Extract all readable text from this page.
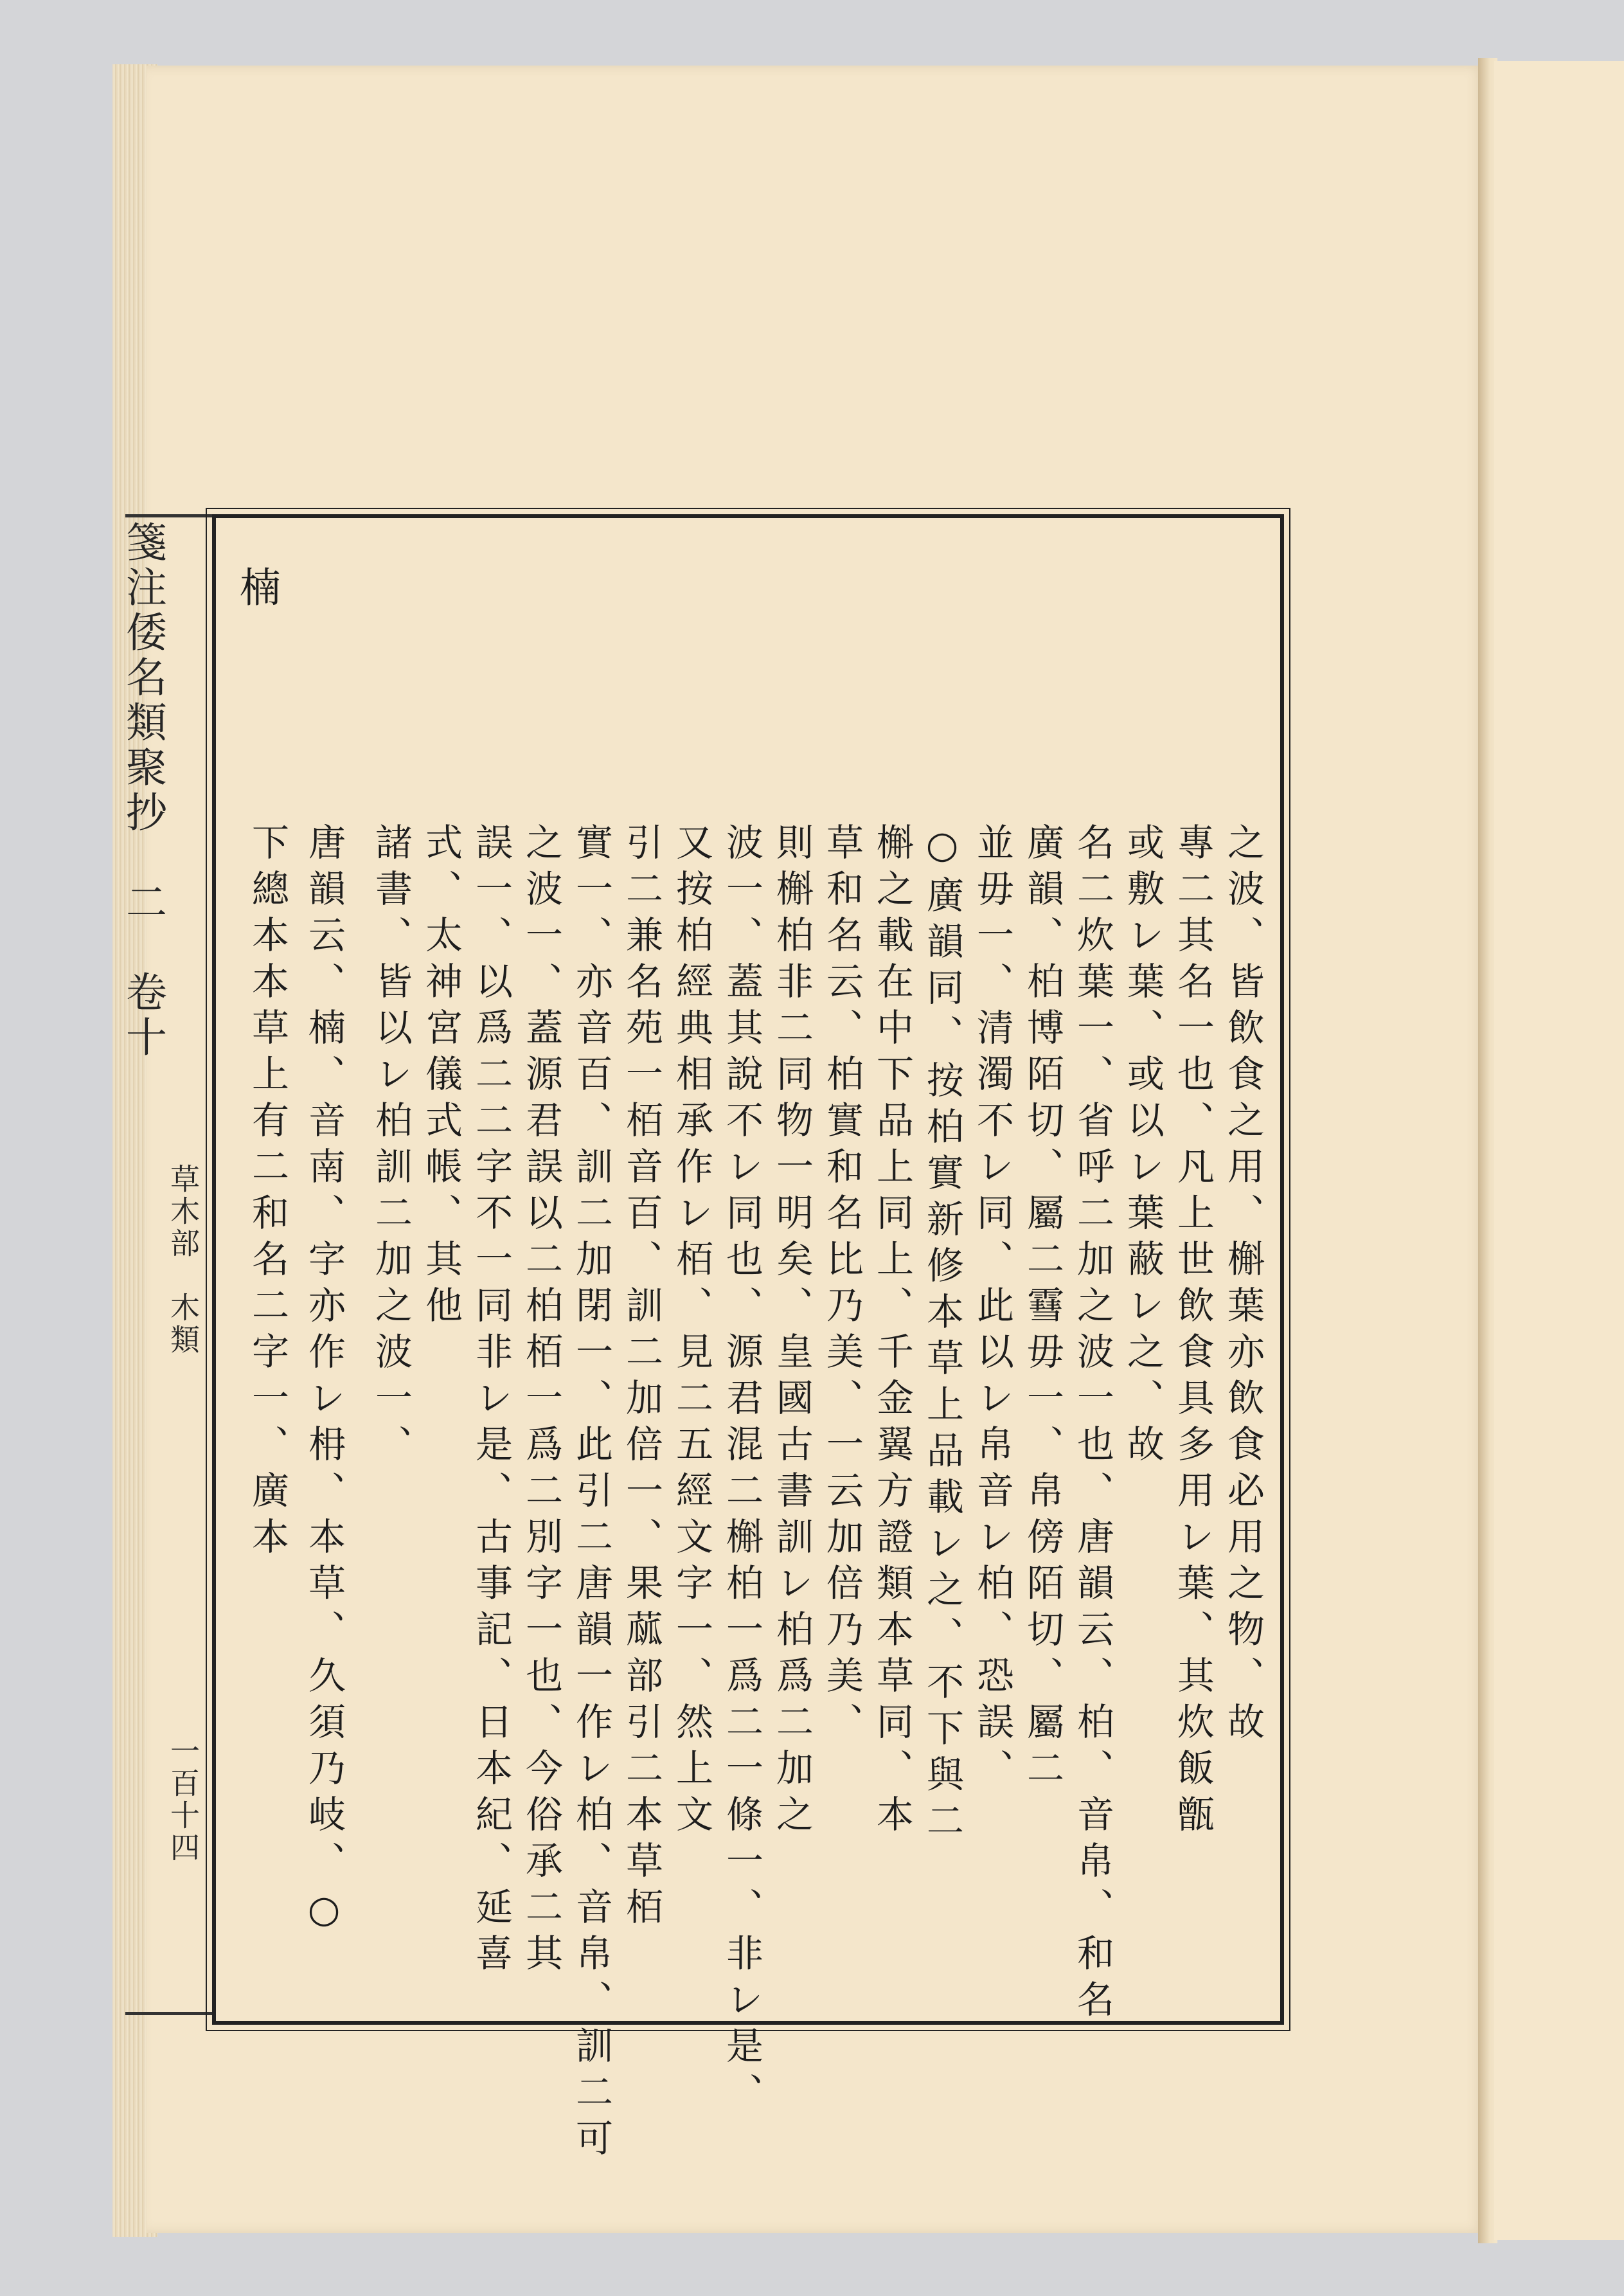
箋注倭名類聚抄　二　卷十
草木部　木類
一百十四
楠
之波、皆飲食之用、槲葉亦飲食必用之物、故
專二其名一也、凡上世飲食具多用レ葉、其炊飯甑
或敷レ葉、或以レ葉蔽レ之、故
名二炊葉一、省呼二加之波一也、唐韻云、柏、音帛、和名
廣韻、柏博陌切、屬二䨮毋一、帛傍陌切、屬二
並毋一、清濁不レ同、此以レ帛音レ柏、恐誤、
○廣韻同、按柏實新修本草上品載レ之、不下與二
槲之載在中下品上同上、千金翼方證類本草同、本
草和名云、柏實和名比乃美、一云加倍乃美、
則槲柏非二同物一明矣、皇國古書訓レ柏爲二加之
波一、蓋其說不レ同也、源君混二槲柏一爲二一條一、非レ是、
又按柏經典相承作レ栢、見二五經文字一、然上文
引二兼名苑一栢音百、訓二加倍一、果蓏部引二本草栢
實一、亦音百、訓二加閉一、此引二唐韻一作レ柏、音帛、訓二可
之波一、蓋源君誤以二柏栢一爲二別字一也、今俗承二其
誤一、以爲二二字不一同非レ是、古事記、日本紀、延喜
式、太神宮儀式帳、其他
諸書、皆以レ柏訓二加之波一、
唐韻云、楠、音南、字亦作レ枏、本草、久須乃岐、○
下總本本草上有二和名二字一、廣本
